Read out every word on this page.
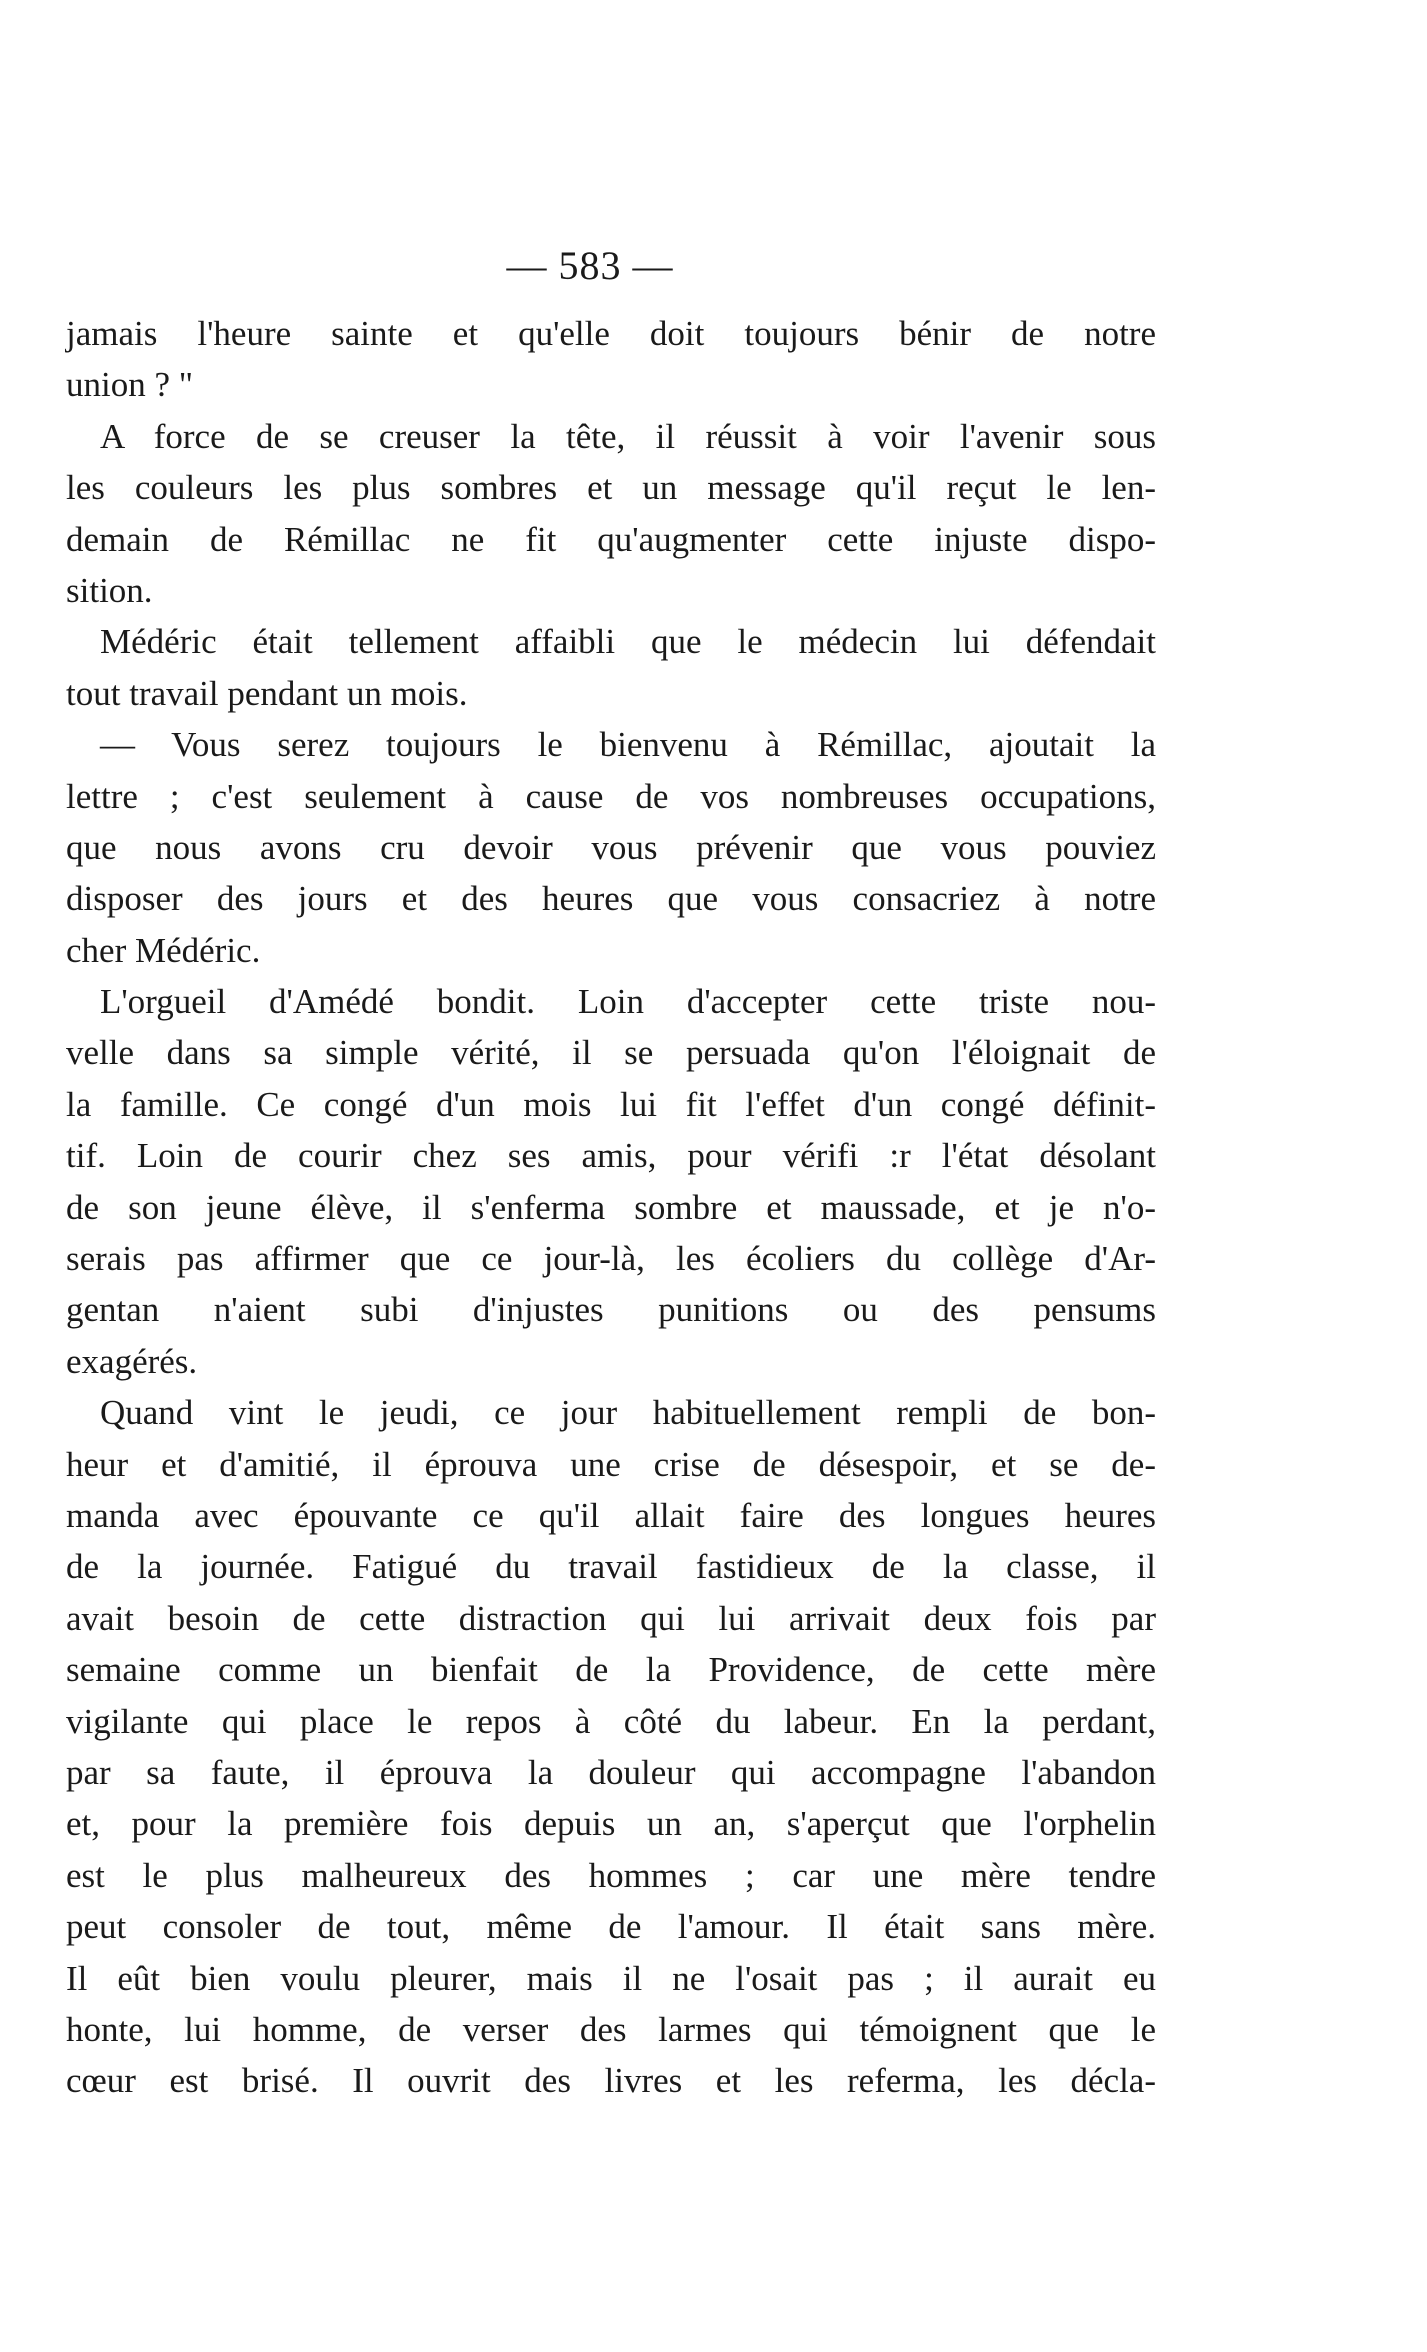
— 583 —
jamais l'heure sainte et qu'elle doit toujours bénir de notre
union ? "
A force de se creuser la tête, il réussit à voir l'avenir sous
les couleurs les plus sombres et un message qu'il reçut le len-
demain de Rémillac ne fit qu'augmenter cette injuste dispo-
sition.
Médéric était tellement affaibli que le médecin lui défendait
tout travail pendant un mois.
— Vous serez toujours le bienvenu à Rémillac, ajoutait la
lettre ; c'est seulement à cause de vos nombreuses occupations,
que nous avons cru devoir vous prévenir que vous pouviez
disposer des jours et des heures que vous consacriez à notre
cher Médéric.
L'orgueil d'Amédé bondit. Loin d'accepter cette triste nou-
velle dans sa simple vérité, il se persuada qu'on l'éloignait de
la famille. Ce congé d'un mois lui fit l'effet d'un congé définit-
tif. Loin de courir chez ses amis, pour vérifi :r l'état désolant
de son jeune élève, il s'enferma sombre et maussade, et je n'o-
serais pas affirmer que ce jour-là, les écoliers du collège d'Ar-
gentan n'aient subi d'injustes punitions ou des pensums
exagérés.
Quand vint le jeudi, ce jour habituellement rempli de bon-
heur et d'amitié, il éprouva une crise de désespoir, et se de-
manda avec épouvante ce qu'il allait faire des longues heures
de la journée. Fatigué du travail fastidieux de la classe, il
avait besoin de cette distraction qui lui arrivait deux fois par
semaine comme un bienfait de la Providence, de cette mère
vigilante qui place le repos à côté du labeur. En la perdant,
par sa faute, il éprouva la douleur qui accompagne l'abandon
et, pour la première fois depuis un an, s'aperçut que l'orphelin
est le plus malheureux des hommes ; car une mère tendre
peut consoler de tout, même de l'amour. Il était sans mère.
Il eût bien voulu pleurer, mais il ne l'osait pas ; il aurait eu
honte, lui homme, de verser des larmes qui témoignent que le
cœur est brisé. Il ouvrit des livres et les referma, les décla-
